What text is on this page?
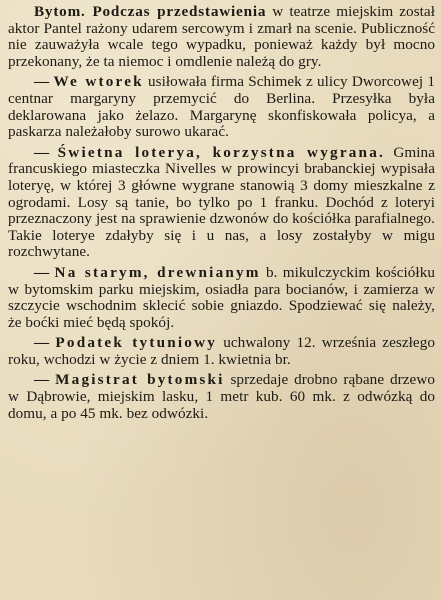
Bytom. Podczas przedstawienia w teatrze miejskim został aktor Pantel rażony udarem sercowym i zmarł na scenie. Publiczność nie zauważyła wcale tego wypadku, ponieważ każdy był mocno przekonany, że ta niemoc i omdlenie należą do gry.

— We wtorek usiłowała firma Schimek z ulicy Dworcowej 1 centnar margaryny przemycić do Berlina. Przesyłka była deklarowana jako żelazo. Margarynę skonfiskowała policya, a paskarza należałoby surowo ukarać.

— Świetna loterya, korzystna wygrana. Gmina francuskiego miasteczka Nivelles w prowincyi brabanckiej wypisała loteryę, w której 3 główne wygrane stanowią 3 domy mieszkalne z ogrodami. Losy są tanie, bo tylko po 1 franku. Dochód z loteryi przeznaczony jest na sprawienie dzwonów do kościółka parafialnego. Takie loterye zdałyby się i u nas, a losy zostałyby w migu rozchwytane.

— Na starym, drewnianym b. mikulczyckim kościółku w bytomskim parku miejskim, osiadła para bocianów, i zamierza w szczycie wschodnim sklecić sobie gniazdo. Spodziewać się należy, że boćki mieć będą spokój.

— Podatek tytuniowy uchwalony 12. września zeszłego roku, wchodzi w życie z dniem 1. kwietnia br.

— Magistrat bytomski sprzedaje drobno rąbane drzewo w Dąbrowie, miejskim lasku, 1 metr kub. 60 mk. z odwózką do domu, a po 45 mk. bez odwózki.
